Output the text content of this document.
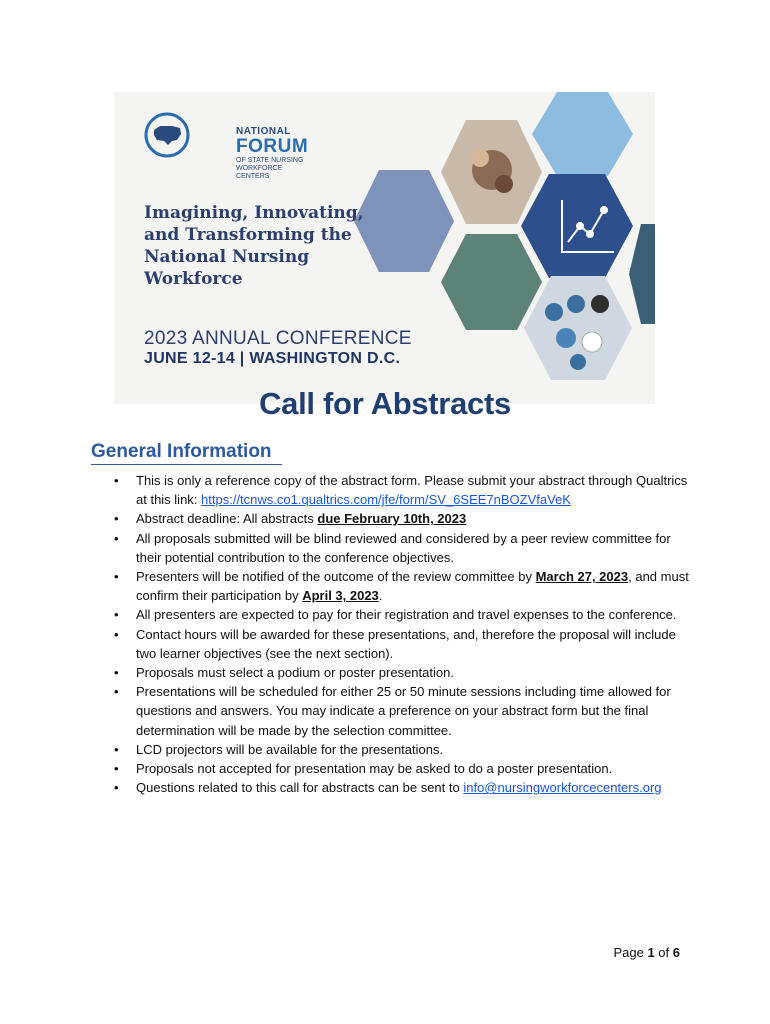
NATIONAL
FORUM
OF STATE NURSING
WORKFORCE
CENTERS
Imagining, Innovating,
and Transforming the
National Nursing
Workforce
2023 ANNUAL CONFERENCE
JUNE 12-14 | WASHINGTON D.C.
Call for Abstracts
General Information
• This is only a reference copy of the abstract form. Please submit your abstract through Qualtrics at this link: https://tcnws.co1.qualtrics.com/jfe/form/SV_6SEE7nBOZVfaVeK
• Abstract deadline: All abstracts due February 10th, 2023
• All proposals submitted will be blind reviewed and considered by a peer review committee for their potential contribution to the conference objectives.
• Presenters will be notified of the outcome of the review committee by March 27, 2023, and must confirm their participation by April 3, 2023.
• All presenters are expected to pay for their registration and travel expenses to the conference.
• Contact hours will be awarded for these presentations, and, therefore the proposal will include two learner objectives (see the next section).
• Proposals must select a podium or poster presentation.
• Presentations will be scheduled for either 25 or 50 minute sessions including time allowed for questions and answers. You may indicate a preference on your abstract form but the final determination will be made by the selection committee.
• LCD projectors will be available for the presentations.
• Proposals not accepted for presentation may be asked to do a poster presentation.
• Questions related to this call for abstracts can be sent to info@nursingworkforcecenters.org
Page 1 of 6
